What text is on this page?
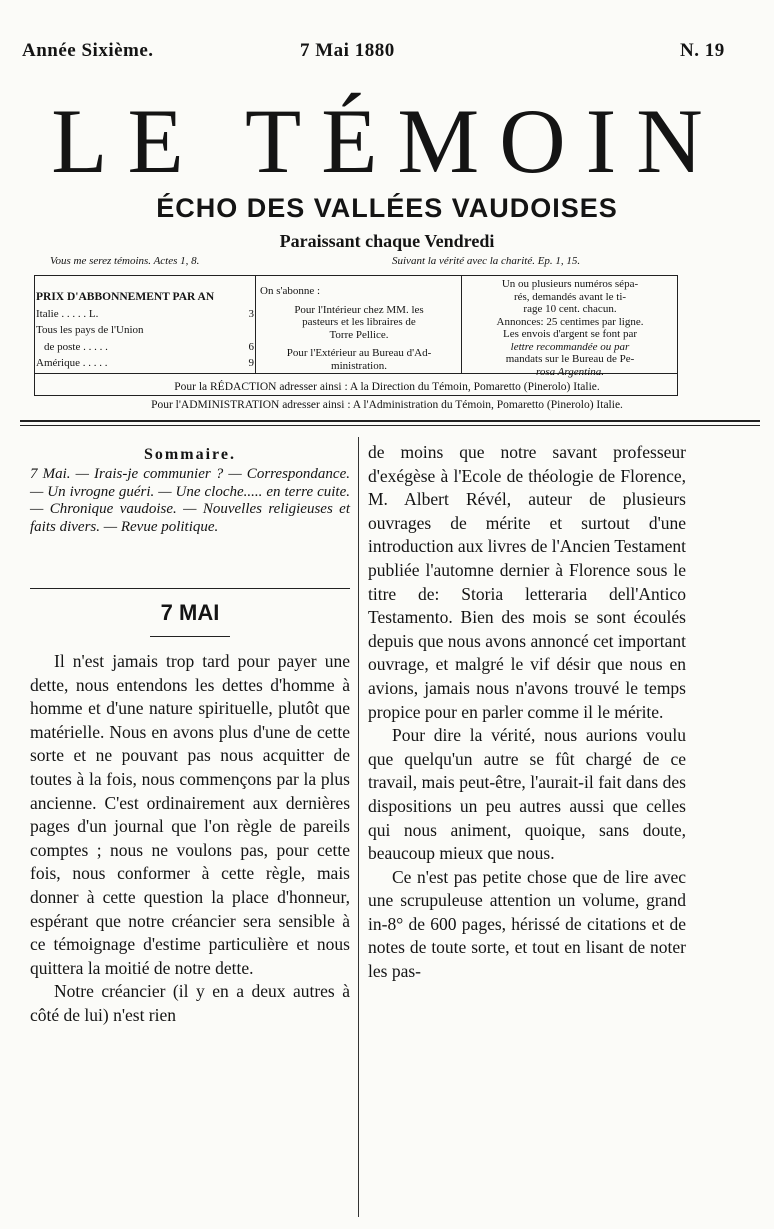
Année Sixième.	7 Mai 1880	N. 19
LE TÉMOIN
ÉCHO DES VALLÉES VAUDOISES
Paraissant chaque Vendredi
Vous me serez témoins. Actes 1, 8.	Suivant la vérité avec la charité. Ep. 1, 15.
PRIX D'ABBONNEMENT PAR AN
Italie . . . . . L.	3
Tous les pays de l'Union
de poste . . . . .	6
Amérique . . . . .	9
On s'abonne :
Pour l'Intérieur chez MM. les
pasteurs et les libraires de
Torre Pellice.
Pour l'Extérieur au Bureau d'Ad-
ministration.
Un ou plusieurs numéros sépa-
rés, demandés avant le ti-
rage 10 cent. chacun.
Annonces: 25 centimes par ligne.
Les envois d'argent se font par
lettre recommandée ou par
mandats sur le Bureau de Pe-
rosa Argentina.
Pour la RÉDACTION adresser ainsi : A la Direction du Témoin, Pomaretto (Pinerolo) Italie.
Pour l'ADMINISTRATION adresser ainsi : A l'Administration du Témoin, Pomaretto (Pinerolo) Italie.
Sommaire.
7 Mai. — Irais-je communier ? — Correspondance. — Un ivrogne guéri. — Une cloche..... en terre cuite. — Chronique vaudoise. — Nouvelles religieuses et faits divers. — Revue politique.
7 MAI

Il n'est jamais trop tard pour payer une dette, nous entendons les dettes d'homme à homme et d'une nature spirituelle, plutôt que matérielle. Nous en avons plus d'une de cette sorte et ne pouvant pas nous acquitter de toutes à la fois, nous commençons par la plus ancienne. C'est ordinairement aux dernières pages d'un journal que l'on règle de pareils comptes ; nous ne voulons pas, pour cette fois, nous conformer à cette règle, mais donner à cette question la place d'honneur, espérant que notre créancier sera sensible à ce témoignage d'estime particulière et nous quittera la moitié de notre dette.

Notre créancier (il y en a deux autres à côté de lui) n'est rien

de moins que notre savant professeur d'exégèse à l'Ecole de théologie de Florence, M. Albert Révél, auteur de plusieurs ouvrages de mérite et surtout d'une introduction aux livres de l'Ancien Testament publiée l'automne dernier à Florence sous le titre de: Storia letteraria dell'Antico Testamento. Bien des mois se sont écoulés depuis que nous avons annoncé cet important ouvrage, et malgré le vif désir que nous en avions, jamais nous n'avons trouvé le temps propice pour en parler comme il le mérite.

Pour dire la vérité, nous aurions voulu que quelqu'un autre se fût chargé de ce travail, mais peut-être, l'aurait-il fait dans des dispositions un peu autres aussi que celles qui nous animent, quoique, sans doute, beaucoup mieux que nous.

Ce n'est pas petite chose que de lire avec une scrupuleuse attention un volume, grand in-8° de 600 pages, hérissé de citations et de notes de toute sorte, et tout en lisant de noter les pas-
